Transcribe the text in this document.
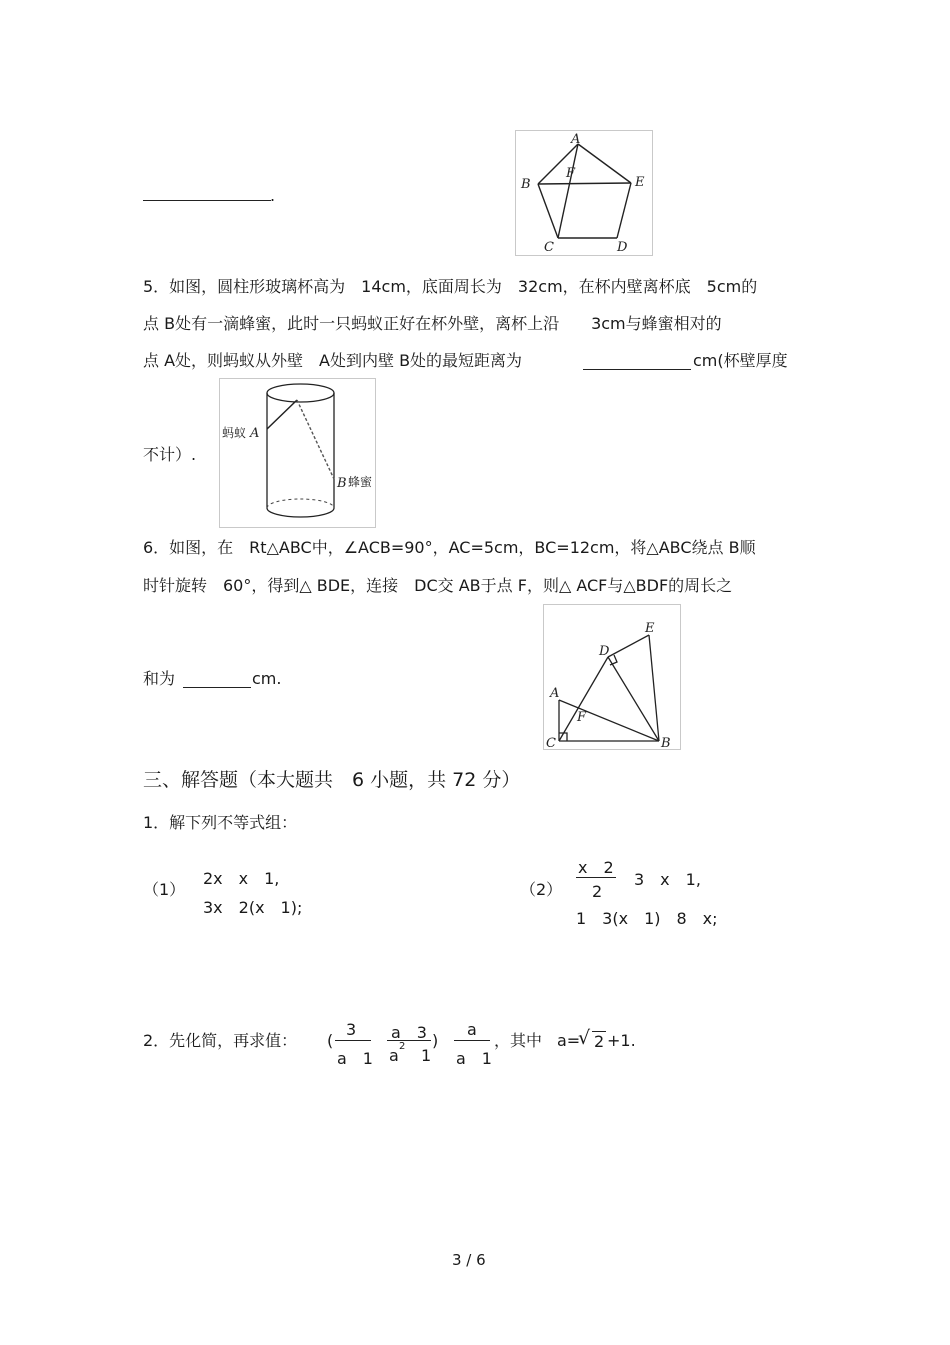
.
A
F
B	E
C	D
5．如图，圆柱形玻璃杯高为　14cm，底面周长为　32cm，在杯内壁离杯底　5cm的
点 B处有一滴蜂蜜，此时一只蚂蚁正好在杯外壁，离杯上沿　　3cm与蜂蜜相对的
点 A处，则蚂蚁从外壁　A处到内壁 B处的最短距离为	cm(杯壁厚度
不计）.
蚂蚁 A
B 蜂蜜
6．如图，在　Rt△ABC中，∠ACB=90°，AC=5cm，BC=12cm，将△ABC绕点 B顺
时针旋转　60°，得到△ BDE，连接　DC交 AB于点 F，则△ ACF与△BDF的周长之
和为	cm.
E
D
A
F
C	B
三、解答题（本大题共　6 小题，共 72 分）
1．解下列不等式组：
（1）
2x　x　1,
3x　2(x　1);
（2）
x　2
2
3　x　1,
1　3(x　1)　8　x;
2．先化简，再求值： (
3
a　1
a　3
a 2 1
)
a
a　1
，其中 a=
√ 2 +1.
3 / 6
